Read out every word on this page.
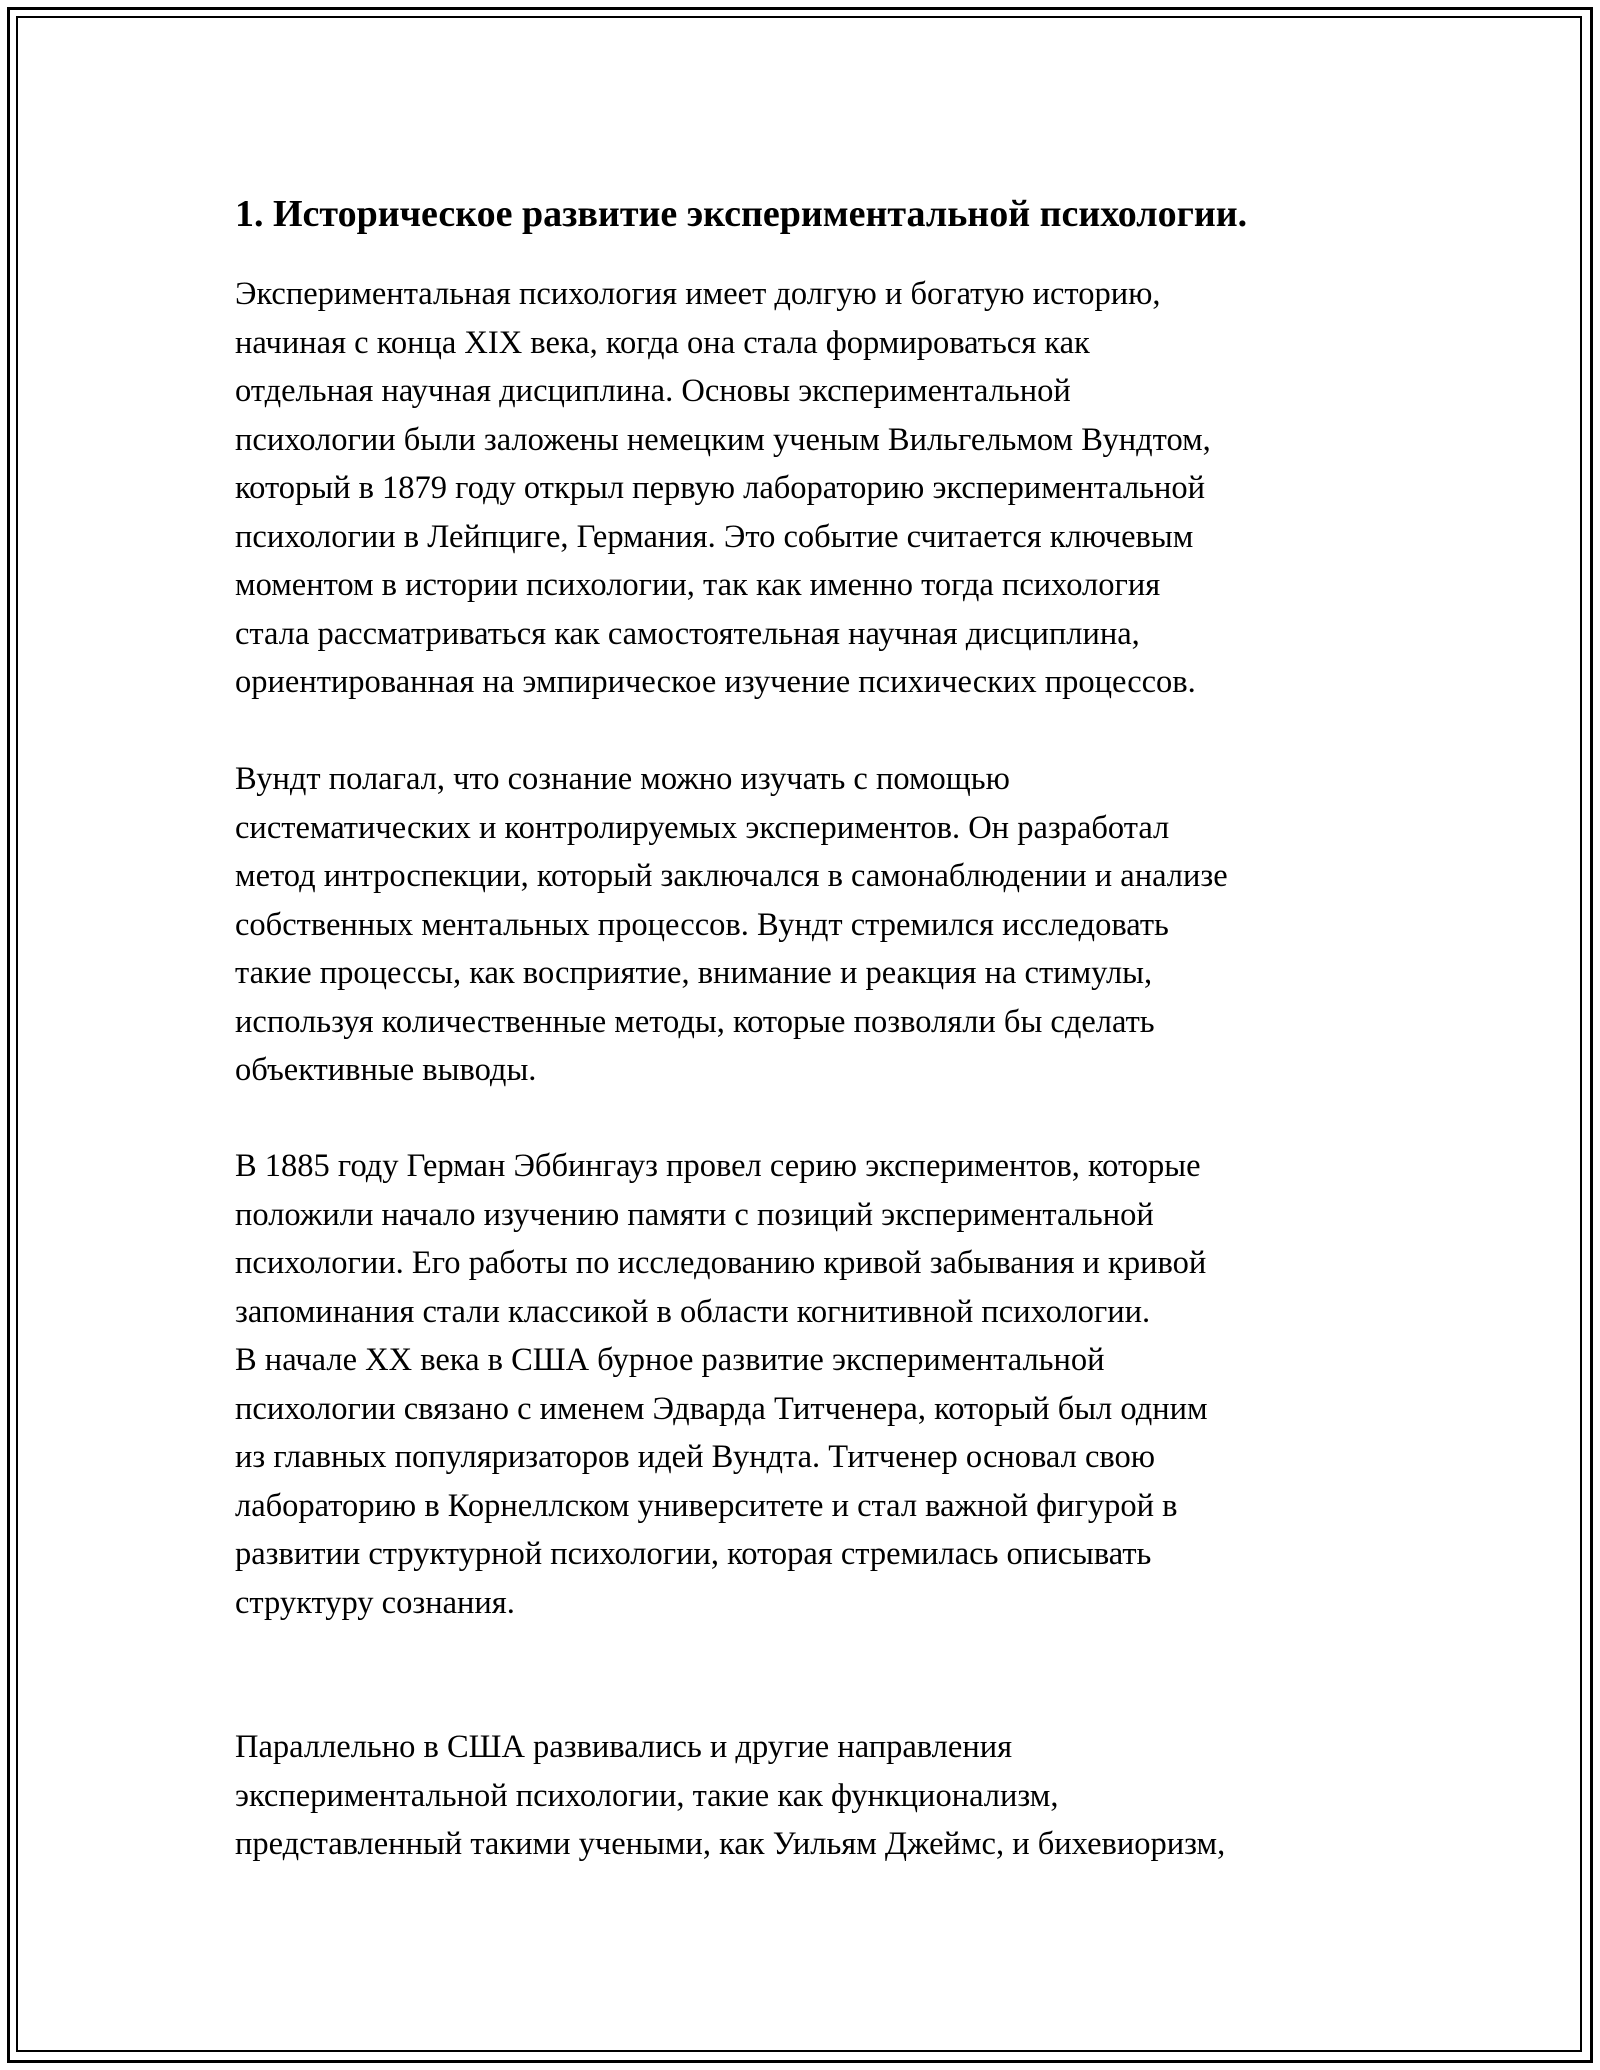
1. Историческое развитие экспериментальной психологии.

Экспериментальная психология имеет долгую и богатую историю,
начиная с конца XIX века, когда она стала формироваться как
отдельная научная дисциплина. Основы экспериментальной
психологии были заложены немецким ученым Вильгельмом Вундтом,
который в 1879 году открыл первую лабораторию экспериментальной
психологии в Лейпциге, Германия. Это событие считается ключевым
моментом в истории психологии, так как именно тогда психология
стала рассматриваться как самостоятельная научная дисциплина,
ориентированная на эмпирическое изучение психических процессов.

Вундт полагал, что сознание можно изучать с помощью
систематических и контролируемых экспериментов. Он разработал
метод интроспекции, который заключался в самонаблюдении и анализе
собственных ментальных процессов. Вундт стремился исследовать
такие процессы, как восприятие, внимание и реакция на стимулы,
используя количественные методы, которые позволяли бы сделать
объективные выводы.

В 1885 году Герман Эббингауз провел серию экспериментов, которые
положили начало изучению памяти с позиций экспериментальной
психологии. Его работы по исследованию кривой забывания и кривой
запоминания стали классикой в области когнитивной психологии.

В начале XX века в США бурное развитие экспериментальной
психологии связано с именем Эдварда Титченера, который был одним
из главных популяризаторов идей Вундта. Титченер основал свою
лабораторию в Корнеллском университете и стал важной фигурой в
развитии структурной психологии, которая стремилась описывать
структуру сознания.

Параллельно в США развивались и другие направления
экспериментальной психологии, такие как функционализм,
представленный такими учеными, как Уильям Джеймс, и бихевиоризм,
